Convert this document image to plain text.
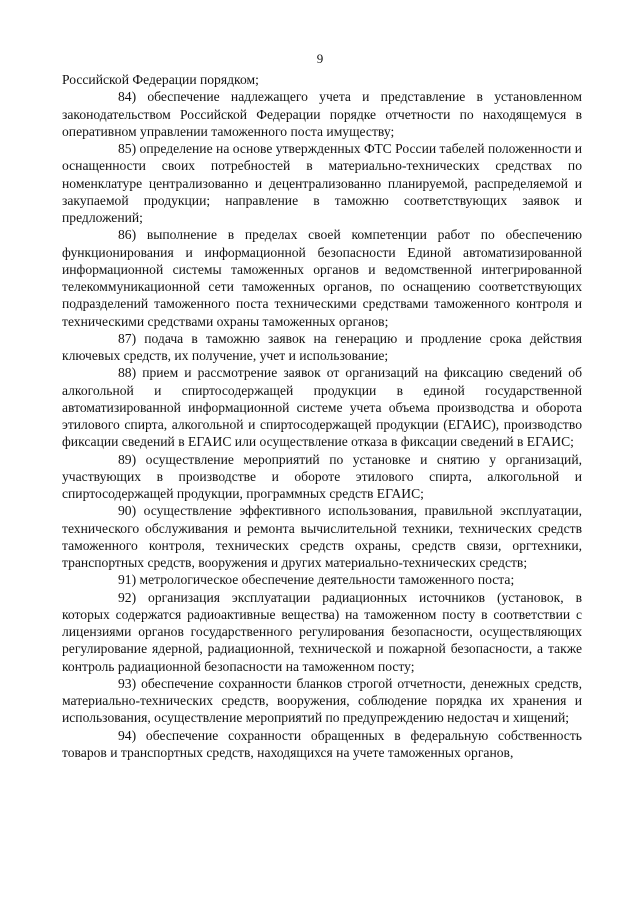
9

Российской Федерации порядком;

84) обеспечение надлежащего учета и представление в установленном законодательством Российской Федерации порядке отчетности по находящемуся в оперативном управлении таможенного поста имуществу;

85) определение на основе утвержденных ФТС России табелей положенности и оснащенности своих потребностей в материально-технических средствах по номенклатуре централизованно и децентрализованно планируемой, распределяемой и закупаемой продукции; направление в таможню соответствующих заявок и предложений;

86) выполнение в пределах своей компетенции работ по обеспечению функционирования и информационной безопасности Единой автоматизированной информационной системы таможенных органов и ведомственной интегрированной телекоммуникационной сети таможенных органов, по оснащению соответствующих подразделений таможенного поста техническими средствами таможенного контроля и техническими средствами охраны таможенных органов;

87) подача в таможню заявок на генерацию и продление срока действия ключевых средств, их получение, учет и использование;

88) прием и рассмотрение заявок от организаций на фиксацию сведений об алкогольной и спиртосодержащей продукции в единой государственной автоматизированной информационной системе учета объема производства и оборота этилового спирта, алкогольной и спиртосодержащей продукции (ЕГАИС), производство фиксации сведений в ЕГАИС или осуществление отказа в фиксации сведений в ЕГАИС;

89) осуществление мероприятий по установке и снятию у организаций, участвующих в производстве и обороте этилового спирта, алкогольной и спиртосодержащей продукции, программных средств ЕГАИС;

90) осуществление эффективного использования, правильной эксплуатации, технического обслуживания и ремонта вычислительной техники, технических средств таможенного контроля, технических средств охраны, средств связи, оргтехники, транспортных средств, вооружения и других материально-технических средств;

91) метрологическое обеспечение деятельности таможенного поста;

92) организация эксплуатации радиационных источников (установок, в которых содержатся радиоактивные вещества) на таможенном посту в соответствии с лицензиями органов государственного регулирования безопасности, осуществляющих регулирование ядерной, радиационной, технической и пожарной безопасности, а также контроль радиационной безопасности на таможенном посту;

93) обеспечение сохранности бланков строгой отчетности, денежных средств, материально-технических средств, вооружения, соблюдение порядка их хранения и использования, осуществление мероприятий по предупреждению недостач и хищений;

94) обеспечение сохранности обращенных в федеральную собственность товаров и транспортных средств, находящихся на учете таможенных органов,
